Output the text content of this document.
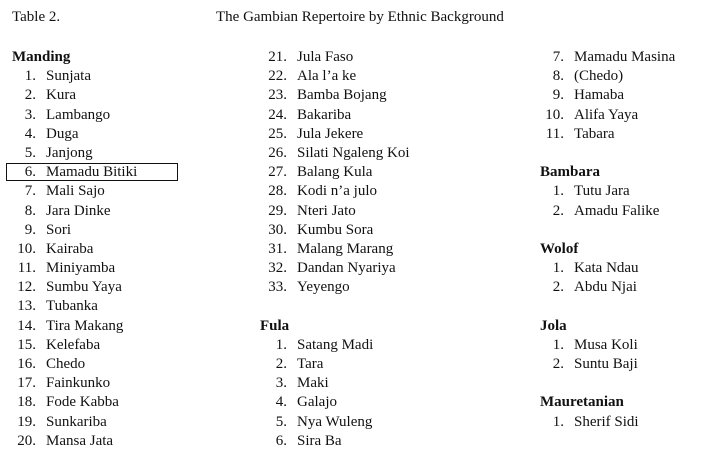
Table 2.	The Gambian Repertoire by Ethnic Background
Manding
1. Sunjata
2. Kura
3. Lambango
4. Duga
5. Janjong
6. Mamadu Bitiki
7. Mali Sajo
8. Jara Dinke
9. Sori
10. Kairaba
11. Miniyamba
12. Sumbu Yaya
13. Tubanka
14. Tira Makang
15. Kelefaba
16. Chedo
17. Fainkunko
18. Fode Kabba
19. Sunkariba
20. Mansa Jata
21. Jula Faso
22. Ala l’a ke
23. Bamba Bojang
24. Bakariba
25. Jula Jekere
26. Silati Ngaleng Koi
27. Balang Kula
28. Kodi n’a julo
29. Nteri Jato
30. Kumbu Sora
31. Malang Marang
32. Dandan Nyariya
33. Yeyengo
Fula
1. Satang Madi
2. Tara
3. Maki
4. Galajo
5. Nya Wuleng
6. Sira Ba
7. Mamadu Masina
8. (Chedo)
9. Hamaba
10. Alifa Yaya
11. Tabara
Bambara
1. Tutu Jara
2. Amadu Falike
Wolof
1. Kata Ndau
2. Abdu Njai
Jola
1. Musa Koli
2. Suntu Baji
Mauretanian
1. Sherif Sidi
